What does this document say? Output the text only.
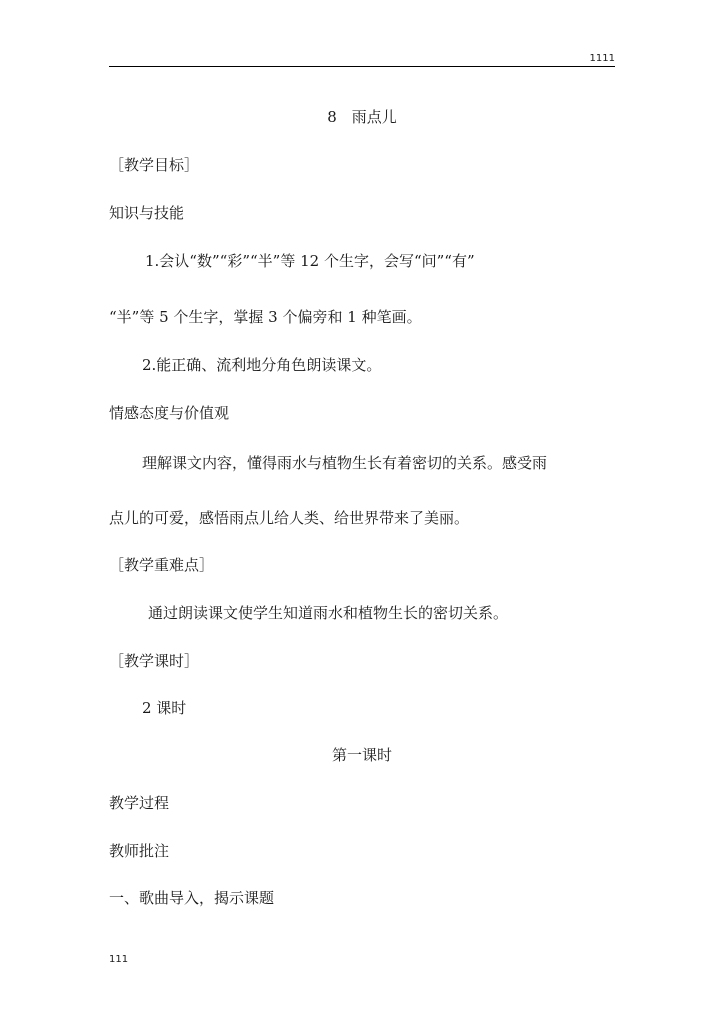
1111
8　雨点儿
［教学目标］
知识与技能
1.会认“数”“彩”“半”等 12 个生字，会写“问”“有”
“半”等 5 个生字，掌握 3 个偏旁和 1 种笔画。
2.能正确、流利地分角色朗读课文。
情感态度与价值观
理解课文内容，懂得雨水与植物生长有着密切的关系。感受雨
点儿的可爱，感悟雨点儿给人类、给世界带来了美丽。
［教学重难点］
通过朗读课文使学生知道雨水和植物生长的密切关系。
［教学课时］
2 课时
第一课时
教学过程
教师批注
一、歌曲导入，揭示课题
111
